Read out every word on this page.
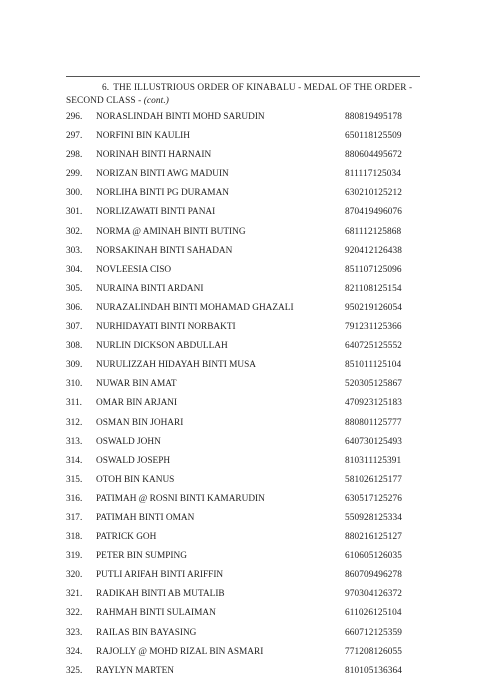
6. THE ILLUSTRIOUS ORDER OF KINABALU - MEDAL OF THE ORDER - SECOND CLASS - (cont.)
296. NORASLINDAH BINTI MOHD SARUDIN	880819495178
297. NORFINI BIN KAULIH	650118125509
298. NORINAH BINTI HARNAIN	880604495672
299. NORIZAN BINTI AWG MADUIN	811117125034
300. NORLIHA BINTI PG DURAMAN	630210125212
301. NORLIZAWATI BINTI PANAI	870419496076
302. NORMA @ AMINAH BINTI BUTING	681112125868
303. NORSAKINAH BINTI SAHADAN	920412126438
304. NOVLEESIA CISO	851107125096
305. NURAINA BINTI ARDANI	821108125154
306. NURAZALINDAH BINTI MOHAMAD GHAZALI	950219126054
307. NURHIDAYATI BINTI NORBAKTI	791231125366
308. NURLIN DICKSON ABDULLAH	640725125552
309. NURULIZZAH HIDAYAH BINTI MUSA	851011125104
310. NUWAR BIN AMAT	520305125867
311. OMAR BIN ARJANI	470923125183
312. OSMAN BIN JOHARI	880801125777
313. OSWALD JOHN	640730125493
314. OSWALD JOSEPH	810311125391
315. OTOH BIN KANUS	581026125177
316. PATIMAH @ ROSNI BINTI KAMARUDIN	630517125276
317. PATIMAH BINTI OMAN	550928125334
318. PATRICK GOH	880216125127
319. PETER BIN SUMPING	610605126035
320. PUTLI ARIFAH BINTI ARIFFIN	860709496278
321. RADIKAH BINTI AB MUTALIB	970304126372
322. RAHMAH BINTI SULAIMAN	611026125104
323. RAILAS BIN BAYASING	660712125359
324. RAJOLLY @ MOHD RIZAL BIN ASMARI	771208126055
325. RAYLYN MARTEN	810105136364
